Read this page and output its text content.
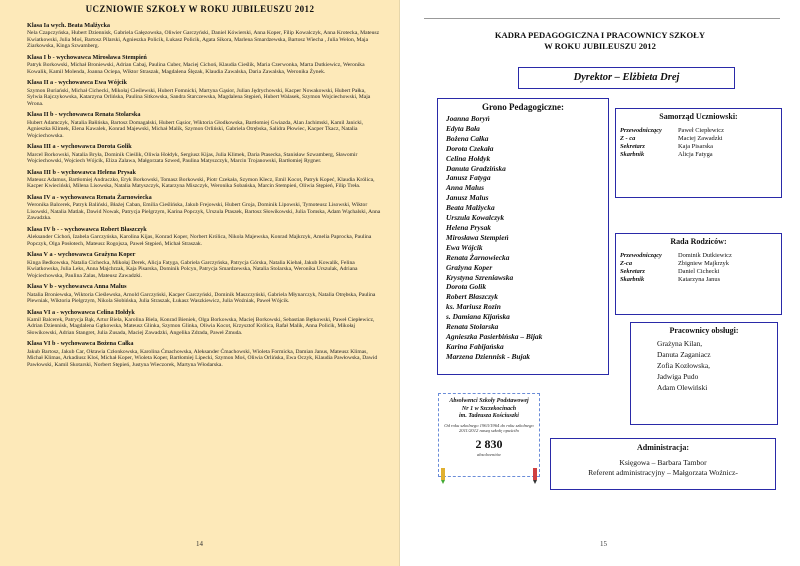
UCZNIOWIE SZKOŁY W ROKU JUBILEUSZU 2012
Klasa Ia wych. Beata Malżycka
Nela Czapczyńska, Hubert Dziennisk, Gabriela Gałęzowska, Oliwier Garczyński, Daniel Kówierski, Anna Koper, Filip Kowalczyk, Anna Krotecka, Mateusz Kwiatkowski, Julia Moś, Bartosz Pilarski, Agnieszka Policik, Łukasz Policik, Agata Sikora, Marlena Smardzewska, Bartosz Wiecha , Julia Welon, Maja Ziarkowska, Kinga Szwamberg.
Klasa I b - wychowawca Mirosława Stempień
Patryk Borkowski, Michał Broniewski, Adrian Cabaj, Paulina Cuber, Maciej Cichoń, Klaudia Cieślik, Maria Czerwonka, Marta Dutkiewicz, Weronika Kowalik, Kamil Molenda, Joanna Ociepa, Wiktor Straszak, Magdalena Ślęzak, Klaudia Zawalska, Daria Zawalska, Weronika Żynek.
Klasa II a - wychowawca Ewa Wójcik
Szymon Buriański, Michał Cichecki, Mikołaj Cieślewski, Hubert Fomnicki, Martyna Gąsior, Julian Jędrychowski, Kacper Nowakowski, Hubert Pałka, Sylwia Rajczykowska, Katarzyna Orlińska, Paulina Sitkowska, Sandra Starczewska, Magdalena Stępień, Hubert Walasek, Szymon Wojciechowski, Maja Wrona.
Klasa II b - wychowawca Renata Stolarska
Hubert Adamczyk, Natalia Bałińska, Bartosz Domagalski, Hubert Gąsior, Wiktoria Głodkowska, Bartłomiej Gwiazda, Alan Jachimski, Kamil Janicki, Agnieszka Klimek, Elena Kawalek, Konrad Majewski, Michał Malik, Szymon Orliński, Gabriela Otrębska, Salidra Płowiec, Kacper Tkacz, Natalia Wojciechowska.
Klasa III a - wychowawca Dorota Golik
Marcel Borkowski, Natalia Bryła, Dominik Cieślik, Oliwia Hołdyk, Sergiusz Kijas, Julia Klimek, Daria Ptasecka, Stanisław Szwamberg, Sławomir Wojciechowski, Wojciech Wójcik, Eliza Zalawa, Małgorzata Szwed, Paulina Matyszczyk, Marcin Trojanowski, Bartłomiej Rygner.
Klasa III b - wychowawca Helena Prysak
Mateusz Adamus, Bartłomiej Andraczko, Eryk Borkowski, Tomasz Borkowski, Piotr Czekała, Szymon Klecz, Emil Kocot, Patryk Kopeć, Klaudia Królica, Kacper Kwieciński, Milena Lisowska, Natalia Matyszczyk, Katarzyna Miszczyk, Weronika Sobańska, Marcin Stempień, Oliwia Stępień, Filip Treła.
Klasa IV a - wychowawca Renata Żarnowiecka
Weronika Balcerek, Patryk Baliński, Błażej Caban, Emilia Cieślińska, Jakub Frejowski, Hubert Groja, Dominik Lipowski, Tymoteusz Lisowski, Wiktor Lisowski, Natalia Matlak, Dawid Nowak, Patrycja Pielgrzym, Karina Popczyk, Urszula Ptaszek, Bartosz Słowikowski, Julia Tomska, Adam Wąchalski, Anna Zawadzka.
Klasa IV b - - wychowawca Robert Błaszczyk
Aleksander Cichoń, Izabela Garczyńska, Karolina Kijas, Konrad Koper, Norbert Królica, Nikola Majewska, Konrad Majkrzyk, Amelia Paprocka, Paulina Popczyk, Olga Posłotech, Mateusz Rogojsza, Paweł Stępień, Michał Straszak.
Klasa V a - wychowawca Grażyna Koper
Kinga Bedkowska, Natalia Cichecka, Mikołaj Derek, Alicja Fatyga, Gabriela Garczyńska, Patrycja Górska, Natalia Kiebał, Jakub Kowalik, Felina Kwiatkowska, Julia Leks, Anna Majchrzak, Kaja Pisarska, Dominik Polcyn, Patrycja Smardzewska, Natalia Stolarska, Weronika Urszulak, Adriana Wojciechowska, Paulina Zalas, Mateusz Zawadzki.
Klasa V b - wychowawca Anna Malus
Natalia Broniewska, Wiktoria Cieślewska, Arnold Garczyński, Kacper Garczyński, Dominik Maszczyński, Gabriela Młynarczyk, Natalia Otrębska, Paulina Plewniak, Wiktoria Pielgrzym, Nikola Słobińska, Julia Straszak, Łukasz Waszkiewicz, Julia Woźniak, Paweł Wójcik.
Klasa VI a - wychowawca Celina Hołdyk
Kamil Balcerek, Patrycja Bąk, Artur Biela, Karolina Biela, Konrad Bieniek, Olga Borkowska, Maciej Borkowski, Sebastian Bętkowski, Paweł Ciepłewicz, Adrian Dziennisk, Magdalena Gątkowska, Mateusz Glinka, Szymon Glinka, Oliwia Kocot, Krzysztof Królica, Rafał Malik, Anna Policik, Mikołaj Słowikowski, Adrian Stangret, Julia Zusada, Maciej Zawadzki, Angelika Zdrada, Paweł Zmuda.
Klasa VI b - wychowawca Bożena Całka
Jakub Bartosz, Jakub Car, Oktawia Członkowska, Karolina Ćmachowska, Aleksander Ćmachowski, Wioleta Formicka, Damian Janus, Mateusz Klimas, Michał Klimas, Arkadiusz Kloś, Michał Koper, Wioleta Koper, Bartłomiej Lipecki, Szymon Moś, Oliwia Orlińska, Ewa Oczyk, Klaudia Pawłowska, Dawid Pawłowski, Kamil Skotarski, Norbert Stępień, Justyna Wieczorek, Martyna Włodarska.
14
KADRA PEDAGOGICZNA I PRACOWNICY SZKOŁY
W ROKU JUBILEUSZU 2012
Dyrektor – Elżbieta Drej
Grono Pedagogiczne:
Joanna Boryń
Edyta Bała
Bożena Całka
Dorota Czekała
Celina Hołdyk
Danuta Gradzińska
Janusz Fatyga
Anna Malus
Janusz Malus
Beata Malżycka
Urszula Kowalczyk
Helena Prysak
Mirosława Stempień
Ewa Wójcik
Renata Żarnowiecka
Grażyna Koper
Krystyna Szreniawska
Dorota Golik
Robert Błaszczyk
ks. Mariusz Rozin
s. Damiana Kijańska
Renata Stolarska
Agnieszka Pasierbińska – Bijak
Karina Fabijańska
Marzena Dziennisk - Bujak
Samorząd Uczniowski:
Przewodniczący	Paweł Ciepłewicz
Z - ca	Maciej Zawadzki
Sekretarz	Kaja Pisarska
Skarbnik	Alicja Fatyga
Rada Rodziców:
Przewodniczący	Dominik Dutkiewicz
Z-ca	Zbigniew Majkrzyk
Sekretarz	Daniel Cichecki
Skarbnik	Katarzyna Janus
Pracownicy obsługi:
Grażyna Kilan,
Danuta Zaganiacz
Zofia Kozłowska,
Jadwiga Pudo
Adam Olewiński
Absolwenci Szkoły Podstawowej
Nr 1 w Szczekocinach
im. Tadeusza Kościuszki
Od roku szkolnego 1963/1964 do roku szkolnego 2011/2012 naszą szkołę opuściło
2 830
absolwentów
Administracja:
Księgowa – Barbara Tambor
Referent administracyjny – Małgorzata Woźnicz-
15
